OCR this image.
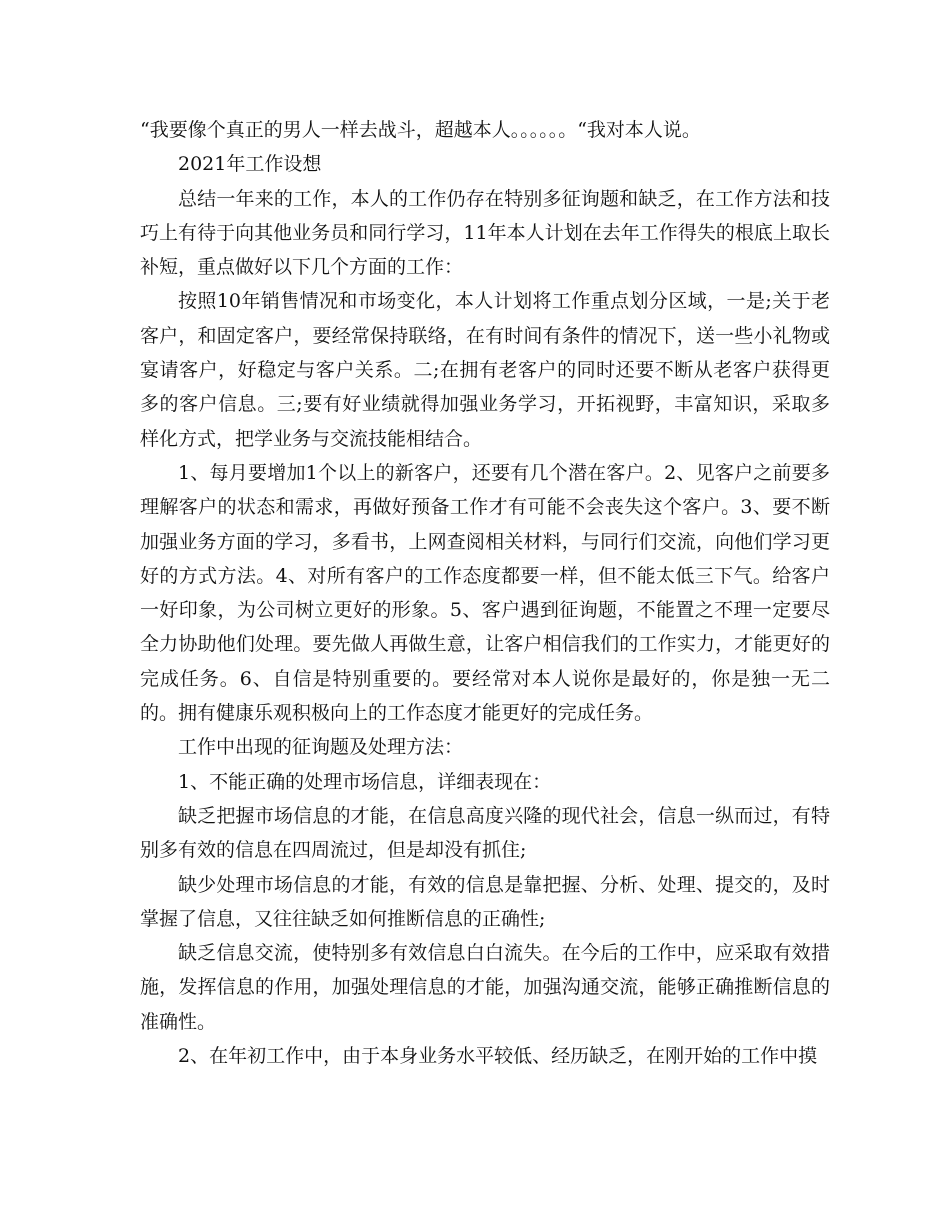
“我要像个真正的男人一样去战斗，超越本人。。。。。。“我对本人说。

2021年工作设想

总结一年来的工作，本人的工作仍存在特别多征询题和缺乏，在工作方法和技巧上有待于向其他业务员和同行学习，11年本人计划在去年工作得失的根底上取长补短，重点做好以下几个方面的工作：

按照10年销售情况和市场变化，本人计划将工作重点划分区域，一是;关于老客户，和固定客户，要经常保持联络，在有时间有条件的情况下，送一些小礼物或宴请客户，好稳定与客户关系。二;在拥有老客户的同时还要不断从老客户获得更多的客户信息。三;要有好业绩就得加强业务学习，开拓视野，丰富知识，采取多样化方式，把学业务与交流技能相结合。

1、每月要增加1个以上的新客户，还要有几个潜在客户。2、见客户之前要多理解客户的状态和需求，再做好预备工作才有可能不会丧失这个客户。3、要不断加强业务方面的学习，多看书，上网查阅相关材料，与同行们交流，向他们学习更好的方式方法。4、对所有客户的工作态度都要一样，但不能太低三下气。给客户一好印象，为公司树立更好的形象。5、客户遇到征询题，不能置之不理一定要尽全力协助他们处理。要先做人再做生意，让客户相信我们的工作实力，才能更好的完成任务。6、自信是特别重要的。要经常对本人说你是最好的，你是独一无二的。拥有健康乐观积极向上的工作态度才能更好的完成任务。

工作中出现的征询题及处理方法：

1、不能正确的处理市场信息，详细表现在：

缺乏把握市场信息的才能，在信息高度兴隆的现代社会，信息一纵而过，有特别多有效的信息在四周流过，但是却没有抓住;

缺少处理市场信息的才能，有效的信息是靠把握、分析、处理、提交的，及时掌握了信息，又往往缺乏如何推断信息的正确性;

缺乏信息交流，使特别多有效信息白白流失。在今后的工作中，应采取有效措施，发挥信息的作用，加强处理信息的才能，加强沟通交流，能够正确推断信息的准确性。

2、在年初工作中，由于本身业务水平较低、经历缺乏，在刚开始的工作中摸
